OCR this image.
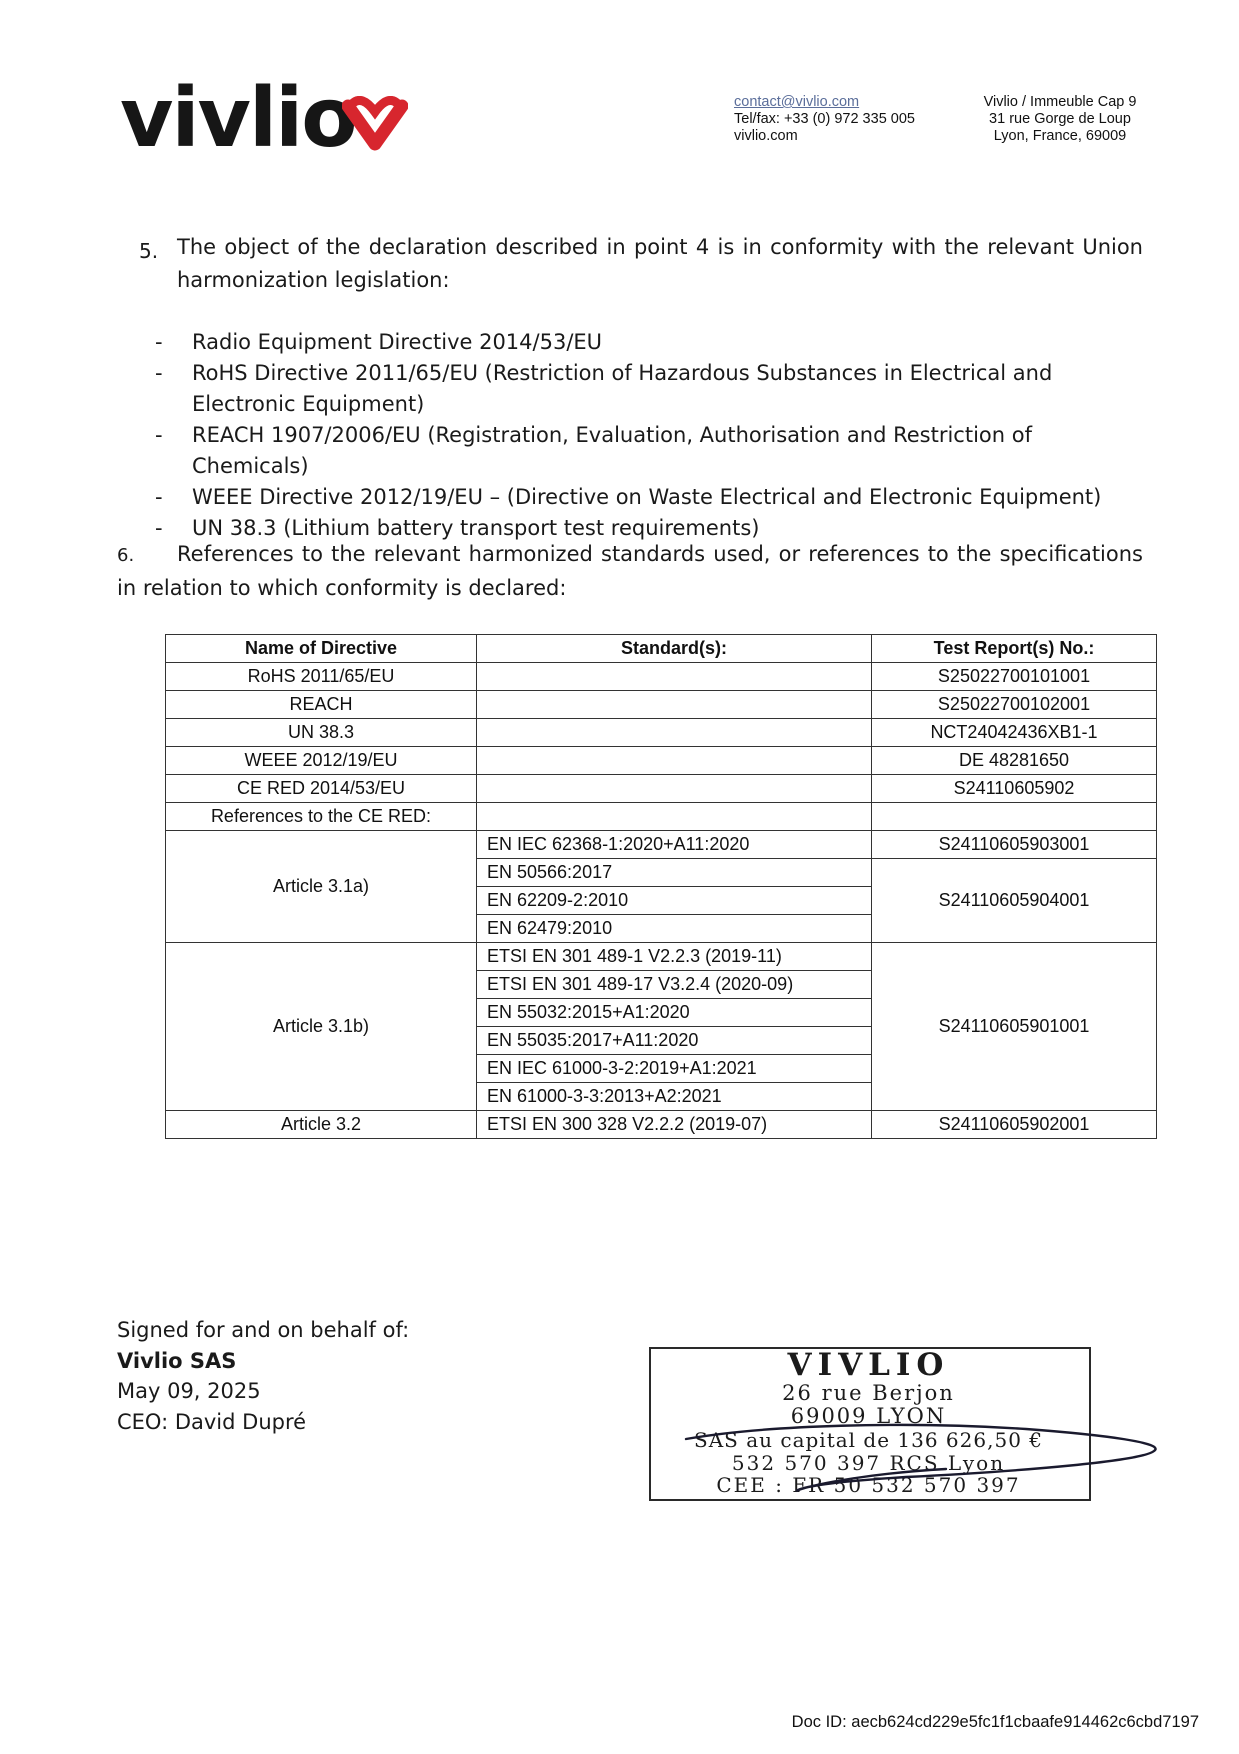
vivlio	contact@vivlio.com
Tel/fax: +33 (0) 972 335 005
vivlio.com
Vivlio / Immeuble Cap 9
31 rue Gorge de Loup
Lyon, France, 69009
5. The object of the declaration described in point 4 is in conformity with the relevant Union harmonization legislation:
- Radio Equipment Directive 2014/53/EU
- RoHS Directive 2011/65/EU (Restriction of Hazardous Substances in Electrical and Electronic Equipment)
- REACH 1907/2006/EU (Registration, Evaluation, Authorisation and Restriction of Chemicals)
- WEEE Directive 2012/19/EU – (Directive on Waste Electrical and Electronic Equipment)
- UN 38.3 (Lithium battery transport test requirements)
6. References to the relevant harmonized standards used, or references to the specifications in relation to which conformity is declared:
Name of Directive	Standard(s):	Test Report(s) No.:
RoHS 2011/65/EU		S25022700101001
REACH		S25022700102001
UN 38.3		NCT24042436XB1-1
WEEE 2012/19/EU		DE 48281650
CE RED 2014/53/EU		S24110605902
References to the CE RED:		
Article 3.1a)	EN IEC 62368-1:2020+A11:2020	S24110605903001
	EN 50566:2017	S24110605904001
	EN 62209-2:2010	
	EN 62479:2010	
Article 3.1b)	ETSI EN 301 489-1 V2.2.3 (2019-11)	S24110605901001
	ETSI EN 301 489-17 V3.2.4 (2020-09)	
	EN 55032:2015+A1:2020	
	EN 55035:2017+A11:2020	
	EN IEC 61000-3-2:2019+A1:2021	
	EN 61000-3-3:2013+A2:2021	
Article 3.2	ETSI EN 300 328 V2.2.2 (2019-07)	S24110605902001
Signed for and on behalf of:
Vivlio SAS
May 09, 2025
CEO: David Dupré
VIVLIO
26 rue Berjon
69009 LYON
SAS au capital de 136 626,50 €
532 570 397 RCS Lyon
CEE : FR 50 532 570 397
Doc ID: aecb624cd229e5fc1f1cbaafe914462c6cbd7197
